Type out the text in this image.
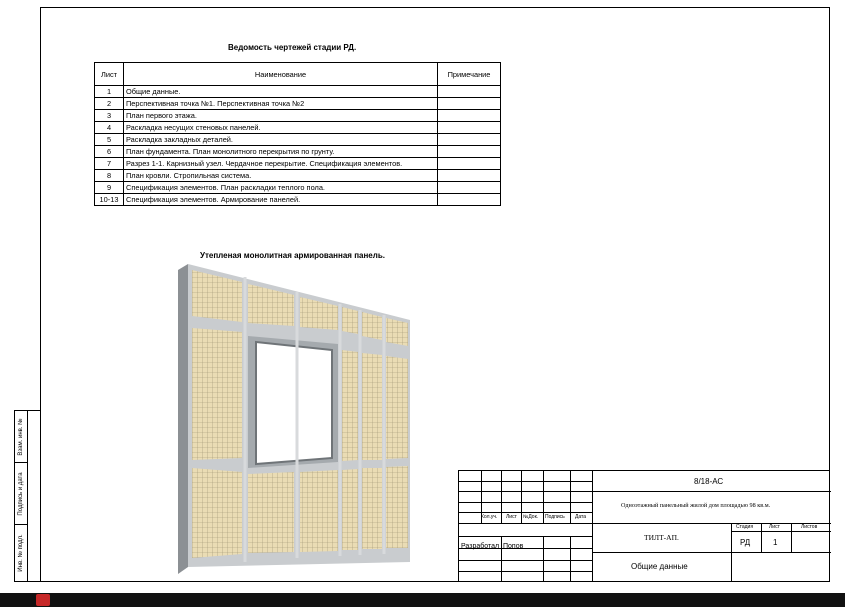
Взам. инв. №
Подпись и дата
Инв. № подл.
Ведомость чертежей стадии РД.
Лист	Наименование	Примечание
1	Общие данные.	
2	Перспективная точка №1. Перспективная точка №2	
3	План первого этажа.	
4	Раскладка несущих стеновых панелей.	
5	Раскладка закладных деталей.	
6	План фундамента. План монолитного перекрытия по грунту.	
7	Разрез 1-1. Карнизный узел. Чердачное перекрытие. Спецификация элементов.	
8	План кровли. Стропильная система.	
9	Спецификация элементов. План раскладки теплого пола.	
10-13	Спецификация элементов. Армирование панелей.	
Утепленая монолитная армированная панель.
Кол.уч. Лист №Док. Подпись Дата
Разработал Попов
8/18-АС
Одноэтажный панельный жилой дом площадью 98 кв.м.
ТИЛТ-АП.
Общие данные
Стадия	Лист	Листов
РД	1
